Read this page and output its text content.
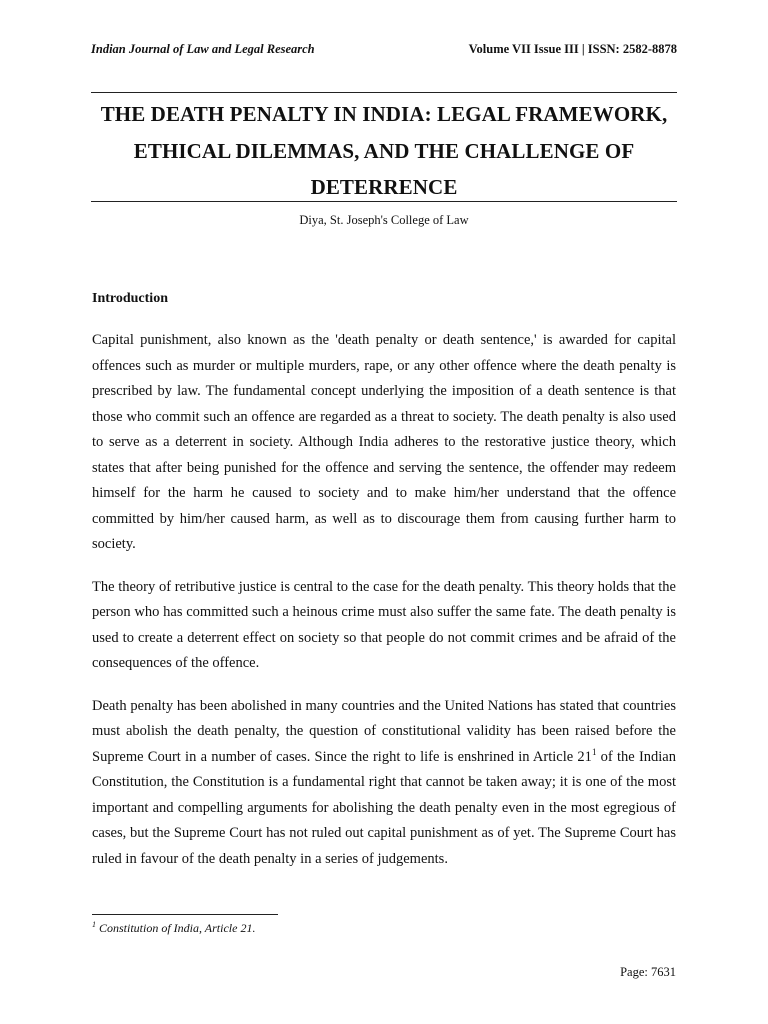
Indian Journal of Law and Legal Research	Volume VII Issue III | ISSN: 2582-8878
THE DEATH PENALTY IN INDIA: LEGAL FRAMEWORK, ETHICAL DILEMMAS, AND THE CHALLENGE OF DETERRENCE
Diya, St. Joseph's College of Law
Introduction

Capital punishment, also known as the 'death penalty or death sentence,' is awarded for capital offences such as murder or multiple murders, rape, or any other offence where the death penalty is prescribed by law. The fundamental concept underlying the imposition of a death sentence is that those who commit such an offence are regarded as a threat to society. The death penalty is also used to serve as a deterrent in society. Although India adheres to the restorative justice theory, which states that after being punished for the offence and serving the sentence, the offender may redeem himself for the harm he caused to society and to make him/her understand that the offence committed by him/her caused harm, as well as to discourage them from causing further harm to society.

The theory of retributive justice is central to the case for the death penalty. This theory holds that the person who has committed such a heinous crime must also suffer the same fate. The death penalty is used to create a deterrent effect on society so that people do not commit crimes and be afraid of the consequences of the offence.

Death penalty has been abolished in many countries and the United Nations has stated that countries must abolish the death penalty, the question of constitutional validity has been raised before the Supreme Court in a number of cases. Since the right to life is enshrined in Article $21^1$ of the Indian Constitution, the Constitution is a fundamental right that cannot be taken away; it is one of the most important and compelling arguments for abolishing the death penalty even in the most egregious of cases, but the Supreme Court has not ruled out capital punishment as of yet. The Supreme Court has ruled in favour of the death penalty in a series of judgements.

$^1$ Constitution of India, Article 21.
Page: 7631
